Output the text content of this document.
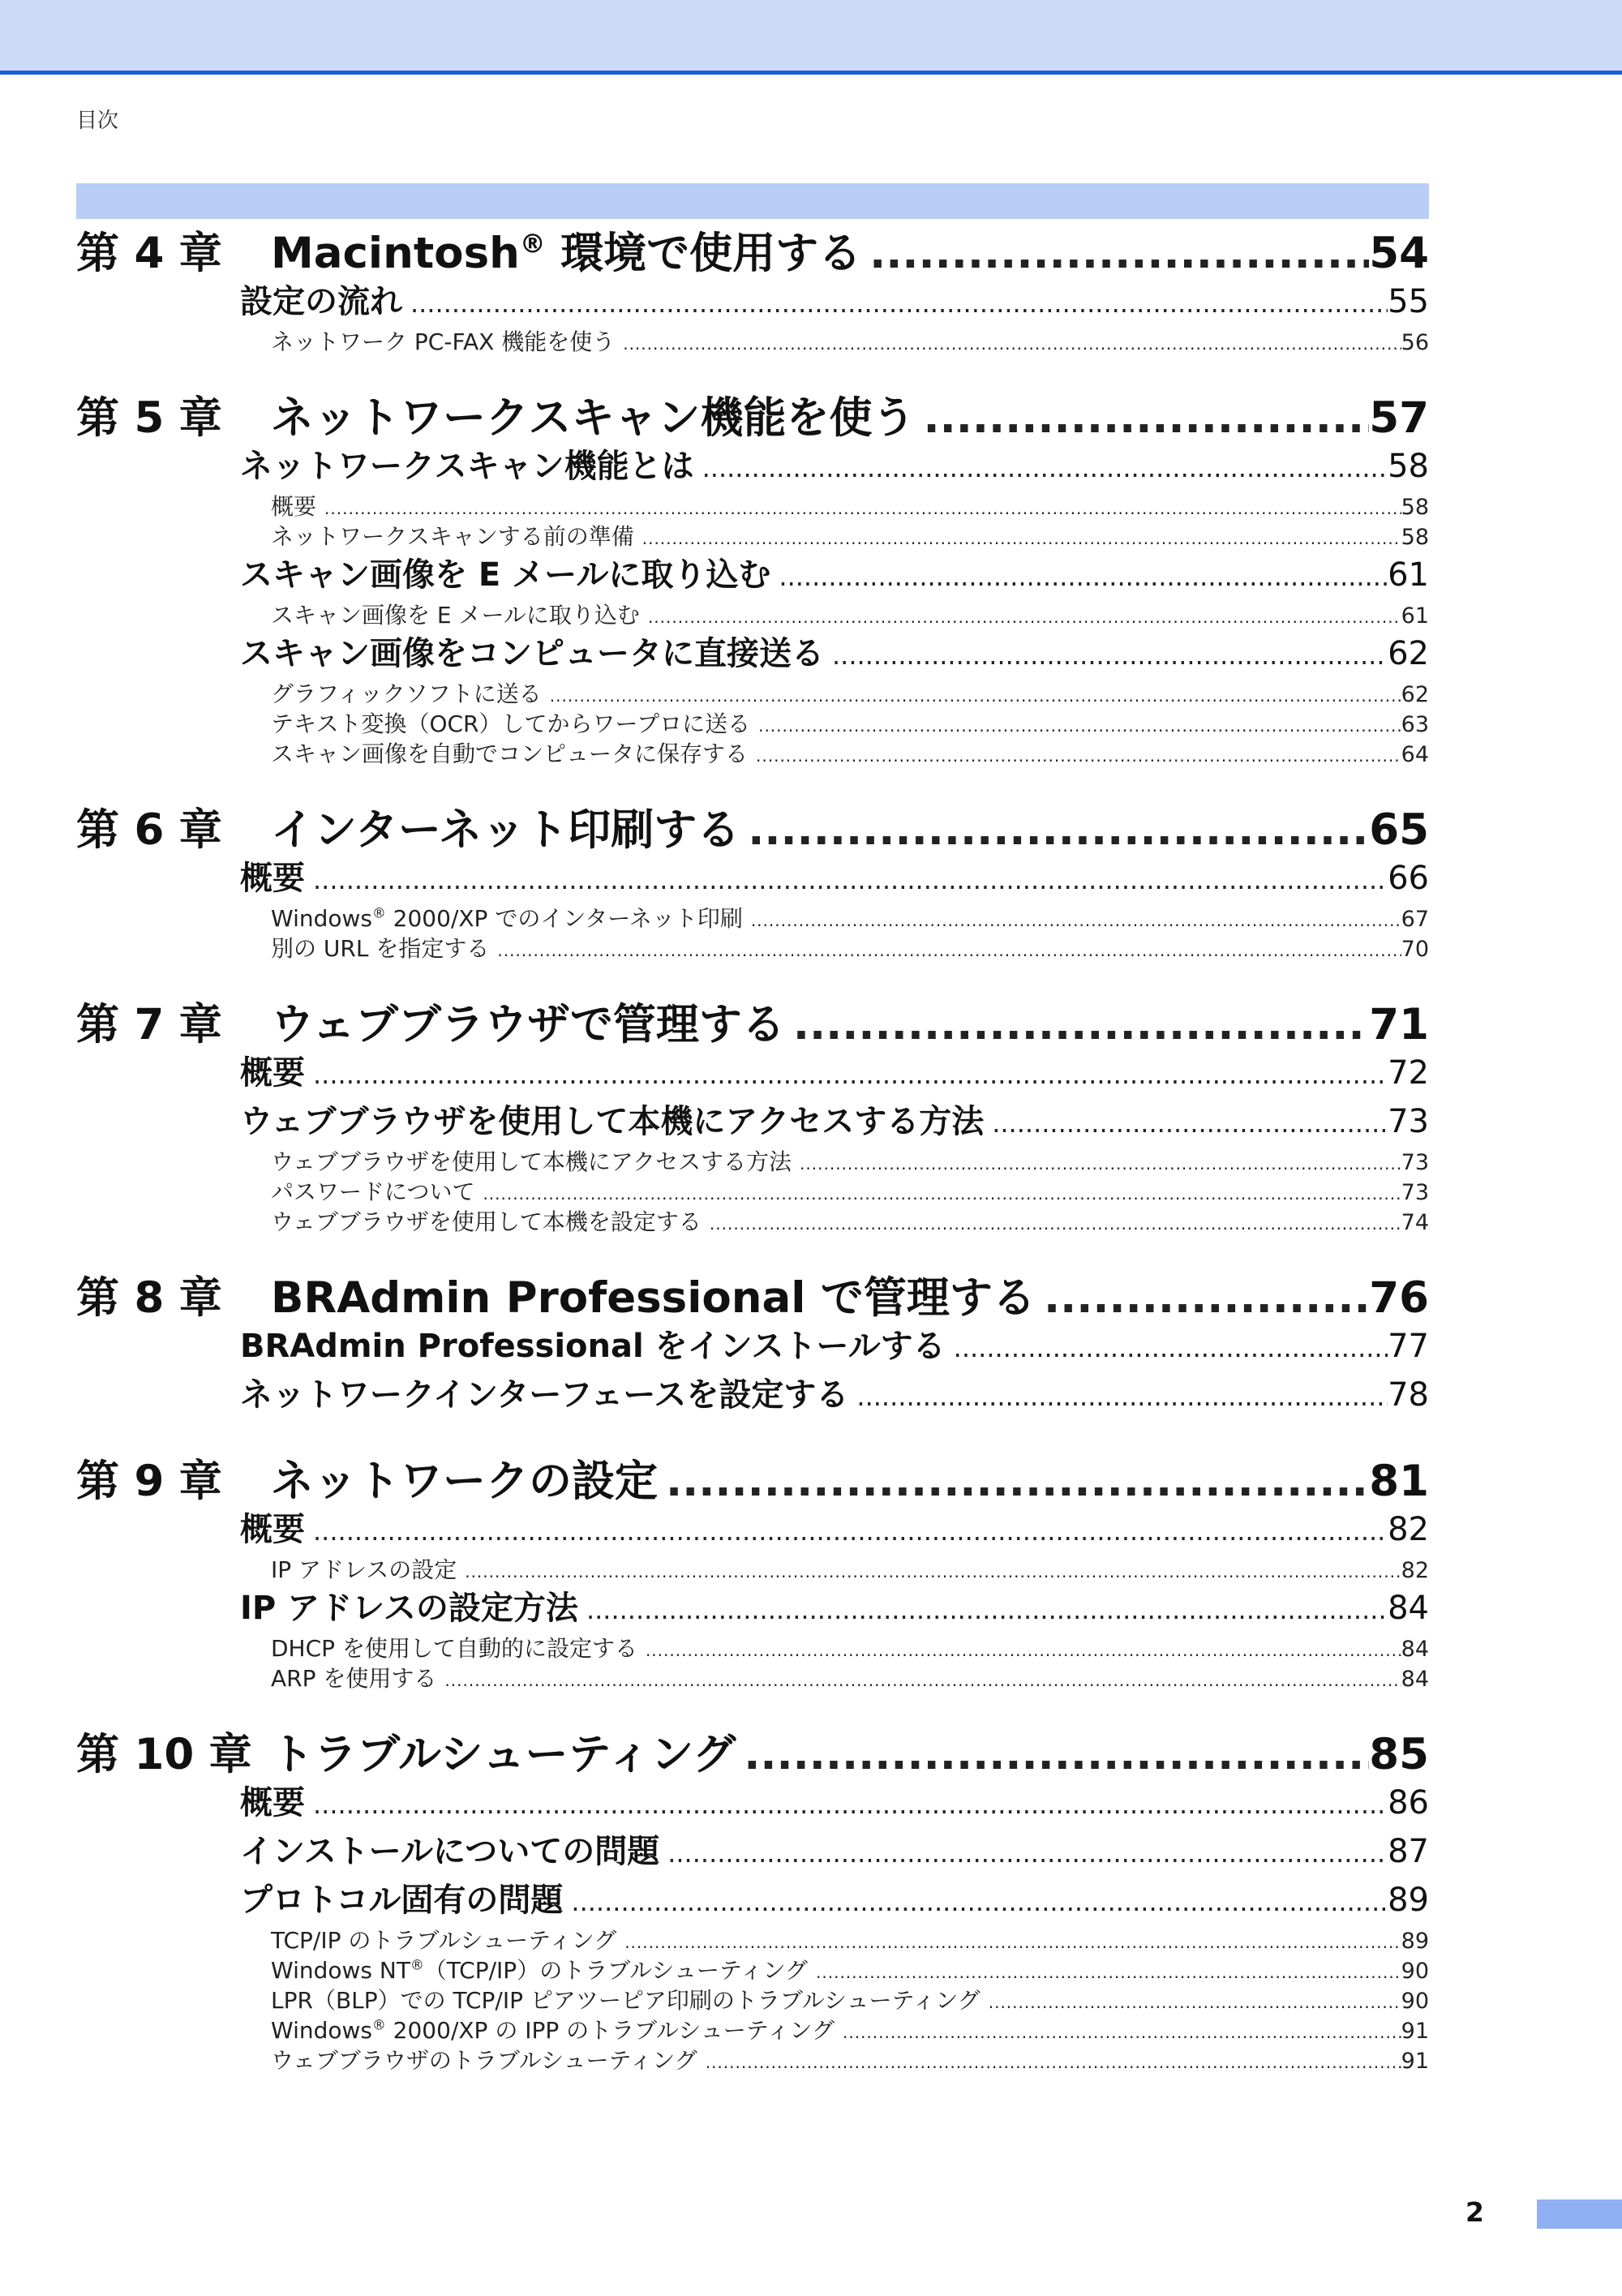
目次
第 4 章 Macintosh® 環境で使用する .....	54
設定の流れ .....	55
ネットワーク PC-FAX 機能を使う .....	56
第 5 章 ネットワークスキャン機能を使う .....	57
ネットワークスキャン機能とは .....	58
概要 .....	58
ネットワークスキャンする前の準備 .....	58
スキャン画像を E メールに取り込む .....	61
スキャン画像を E メールに取り込む .....	61
スキャン画像をコンピュータに直接送る .....	62
グラフィックソフトに送る .....	62
テキスト変換（OCR）してからワープロに送る .....	63
スキャン画像を自動でコンピュータに保存する .....	64
第 6 章 インターネット印刷する .....	65
概要 .....	66
Windows® 2000/XP でのインターネット印刷 .....	67
別の URL を指定する .....	70
第 7 章 ウェブブラウザで管理する .....	71
概要 .....	72
ウェブブラウザを使用して本機にアクセスする方法 .....	73
ウェブブラウザを使用して本機にアクセスする方法 .....	73
パスワードについて .....	73
ウェブブラウザを使用して本機を設定する .....	74
第 8 章 BRAdmin Professional で管理する .....	76
BRAdmin Professional をインストールする .....	77
ネットワークインターフェースを設定する .....	78
第 9 章 ネットワークの設定 .....	81
概要 .....	82
IP アドレスの設定 .....	82
IP アドレスの設定方法 .....	84
DHCP を使用して自動的に設定する .....	84
ARP を使用する .....	84
第 10 章 トラブルシューティング .....	85
概要 .....	86
インストールについての問題 .....	87
プロトコル固有の問題 .....	89
TCP/IP のトラブルシューティング .....	89
Windows NT®（TCP/IP）のトラブルシューティング .....	90
LPR（BLP）での TCP/IP ピアツーピア印刷のトラブルシューティング .....	90
Windows® 2000/XP の IPP のトラブルシューティング .....	91
ウェブブラウザのトラブルシューティング .....	91
2
